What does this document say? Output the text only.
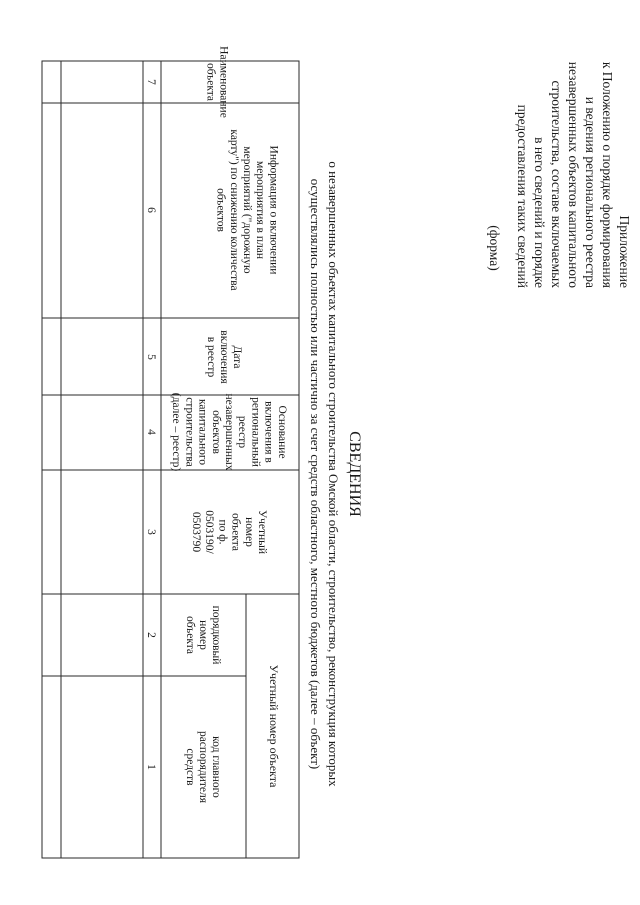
Приложение
к Положению о порядке формирования
и ведения регионального реестра
незавершенных объектов капитального
строительства, составе включаемых
в него сведений и порядке
предоставления таких сведений
(форма)
СВЕДЕНИЯ
о незавершенных объектах капитального строительства Омской области, строительство, реконструкция которых
осуществлялись полностью или частично за счет средств областного, местного бюджетов (далее – объект)
Учетный номер объекта
код главногораспорядителясредств
порядковыйномеробъекта
Учетныйномеробъектапо ф.0503190/0503790
Основаниевключения врегиональныйреестрнезавершенныхобъектовкапитальногостроительства(далее – реестр)
Датавключенияв реестр
Информация о включениимероприятия в планмероприятий ("дорожнуюкарту") по снижению количестваобъектов
Наименованиеобъекта
1
2
3
4
5
6
7
